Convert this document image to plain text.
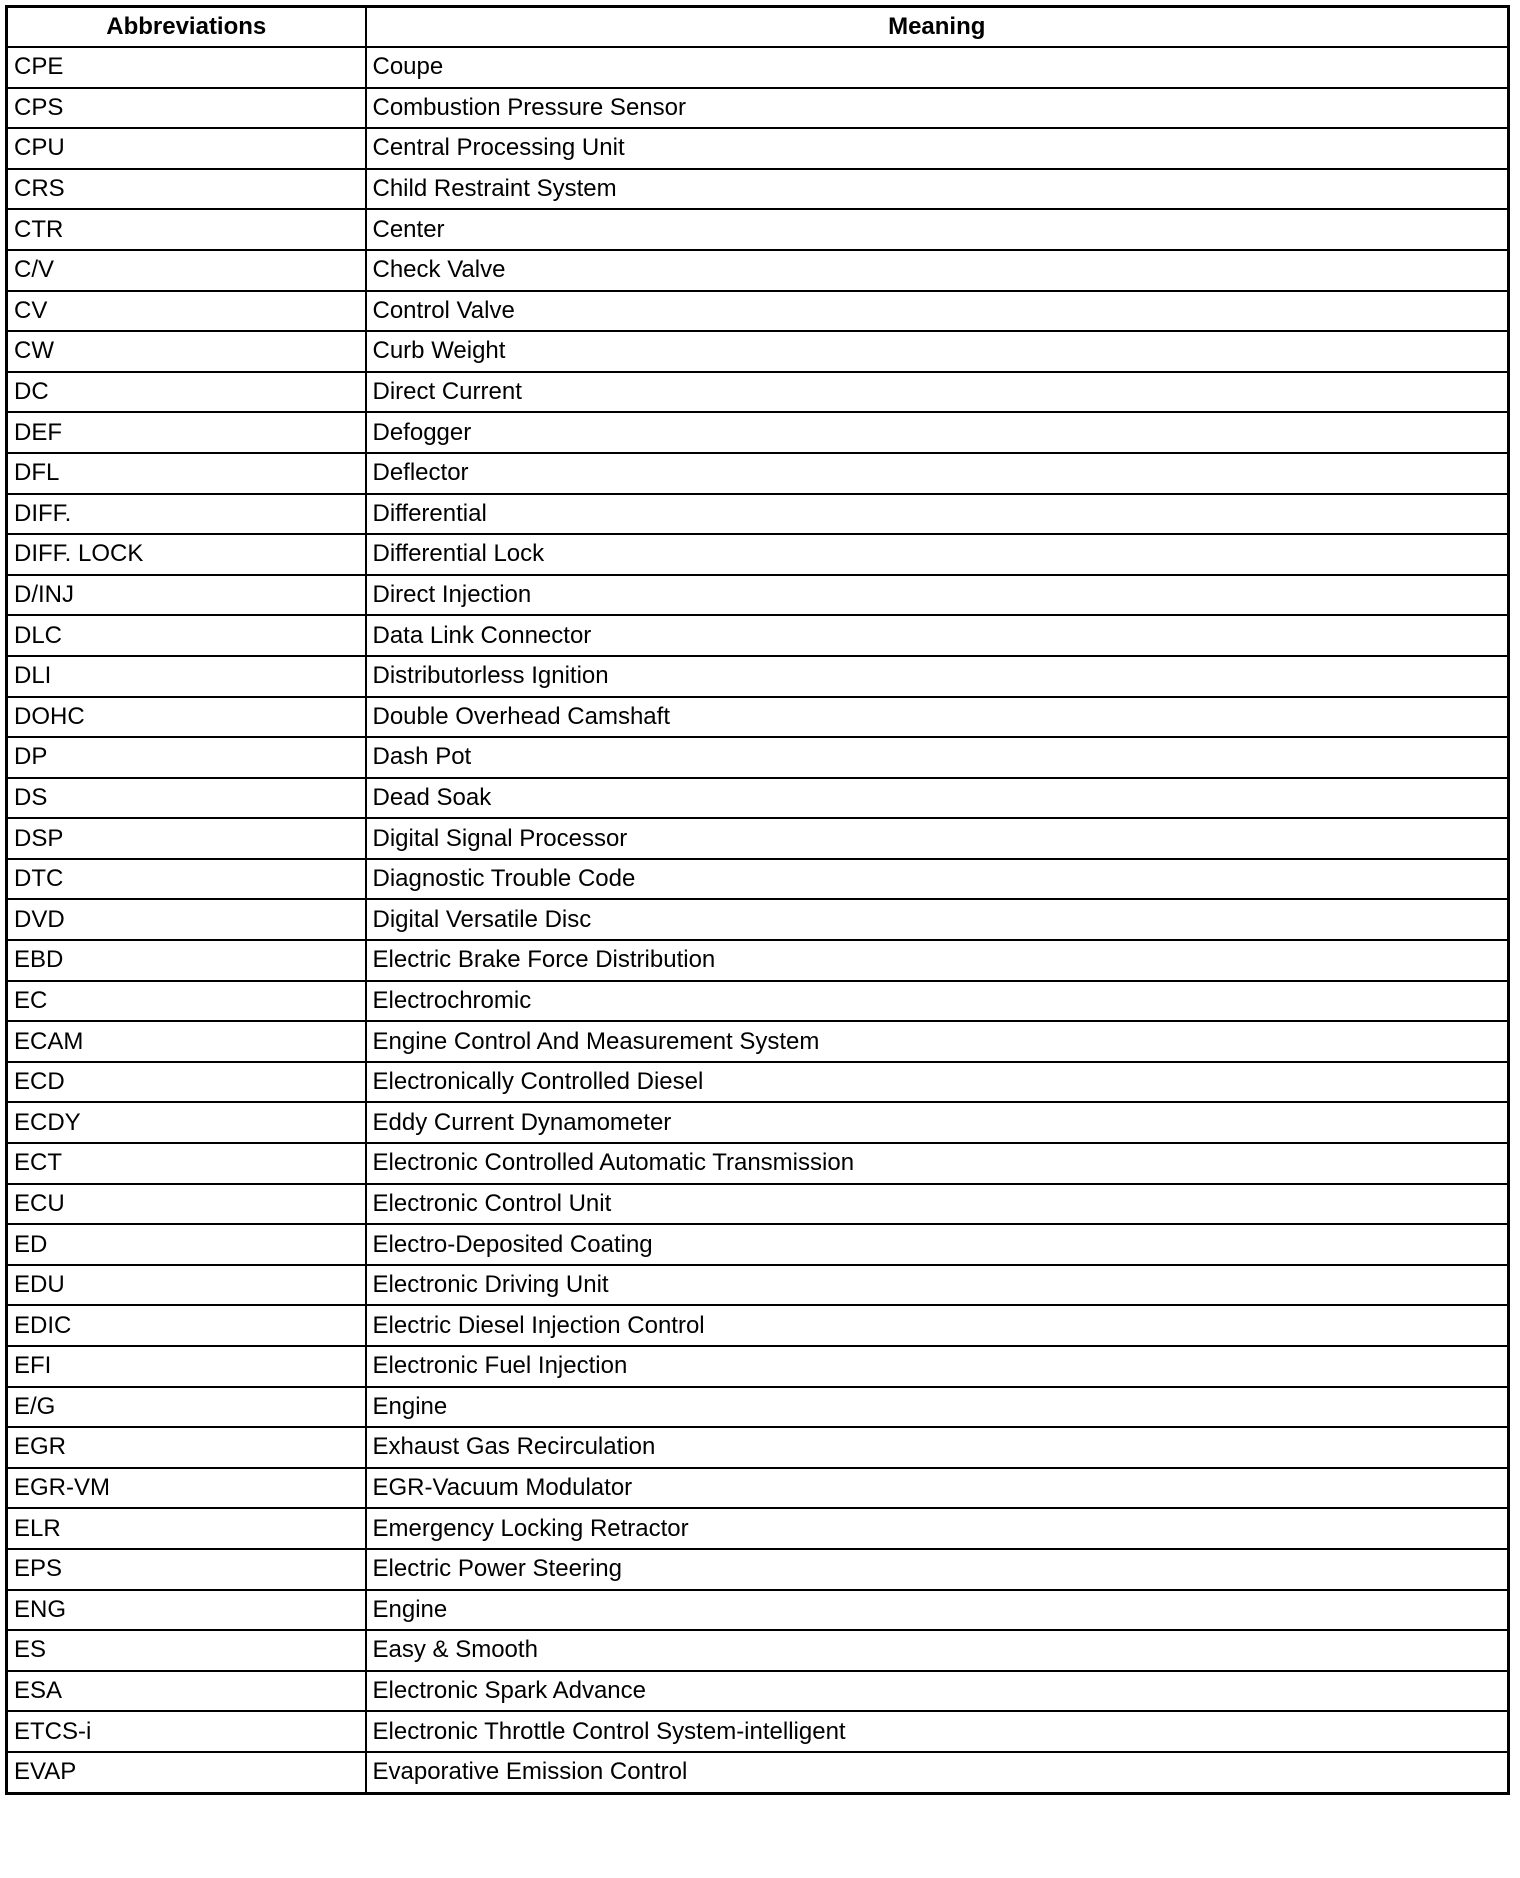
Abbreviations	Meaning
CPE	Coupe
CPS	Combustion Pressure Sensor
CPU	Central Processing Unit
CRS	Child Restraint System
CTR	Center
C/V	Check Valve
CV	Control Valve
CW	Curb Weight
DC	Direct Current
DEF	Defogger
DFL	Deflector
DIFF.	Differential
DIFF. LOCK	Differential Lock
D/INJ	Direct Injection
DLC	Data Link Connector
DLI	Distributorless Ignition
DOHC	Double Overhead Camshaft
DP	Dash Pot
DS	Dead Soak
DSP	Digital Signal Processor
DTC	Diagnostic Trouble Code
DVD	Digital Versatile Disc
EBD	Electric Brake Force Distribution
EC	Electrochromic
ECAM	Engine Control And Measurement System
ECD	Electronically Controlled Diesel
ECDY	Eddy Current Dynamometer
ECT	Electronic Controlled Automatic Transmission
ECU	Electronic Control Unit
ED	Electro-Deposited Coating
EDU	Electronic Driving Unit
EDIC	Electric Diesel Injection Control
EFI	Electronic Fuel Injection
E/G	Engine
EGR	Exhaust Gas Recirculation
EGR-VM	EGR-Vacuum Modulator
ELR	Emergency Locking Retractor
EPS	Electric Power Steering
ENG	Engine
ES	Easy & Smooth
ESA	Electronic Spark Advance
ETCS-i	Electronic Throttle Control System-intelligent
EVAP	Evaporative Emission Control
